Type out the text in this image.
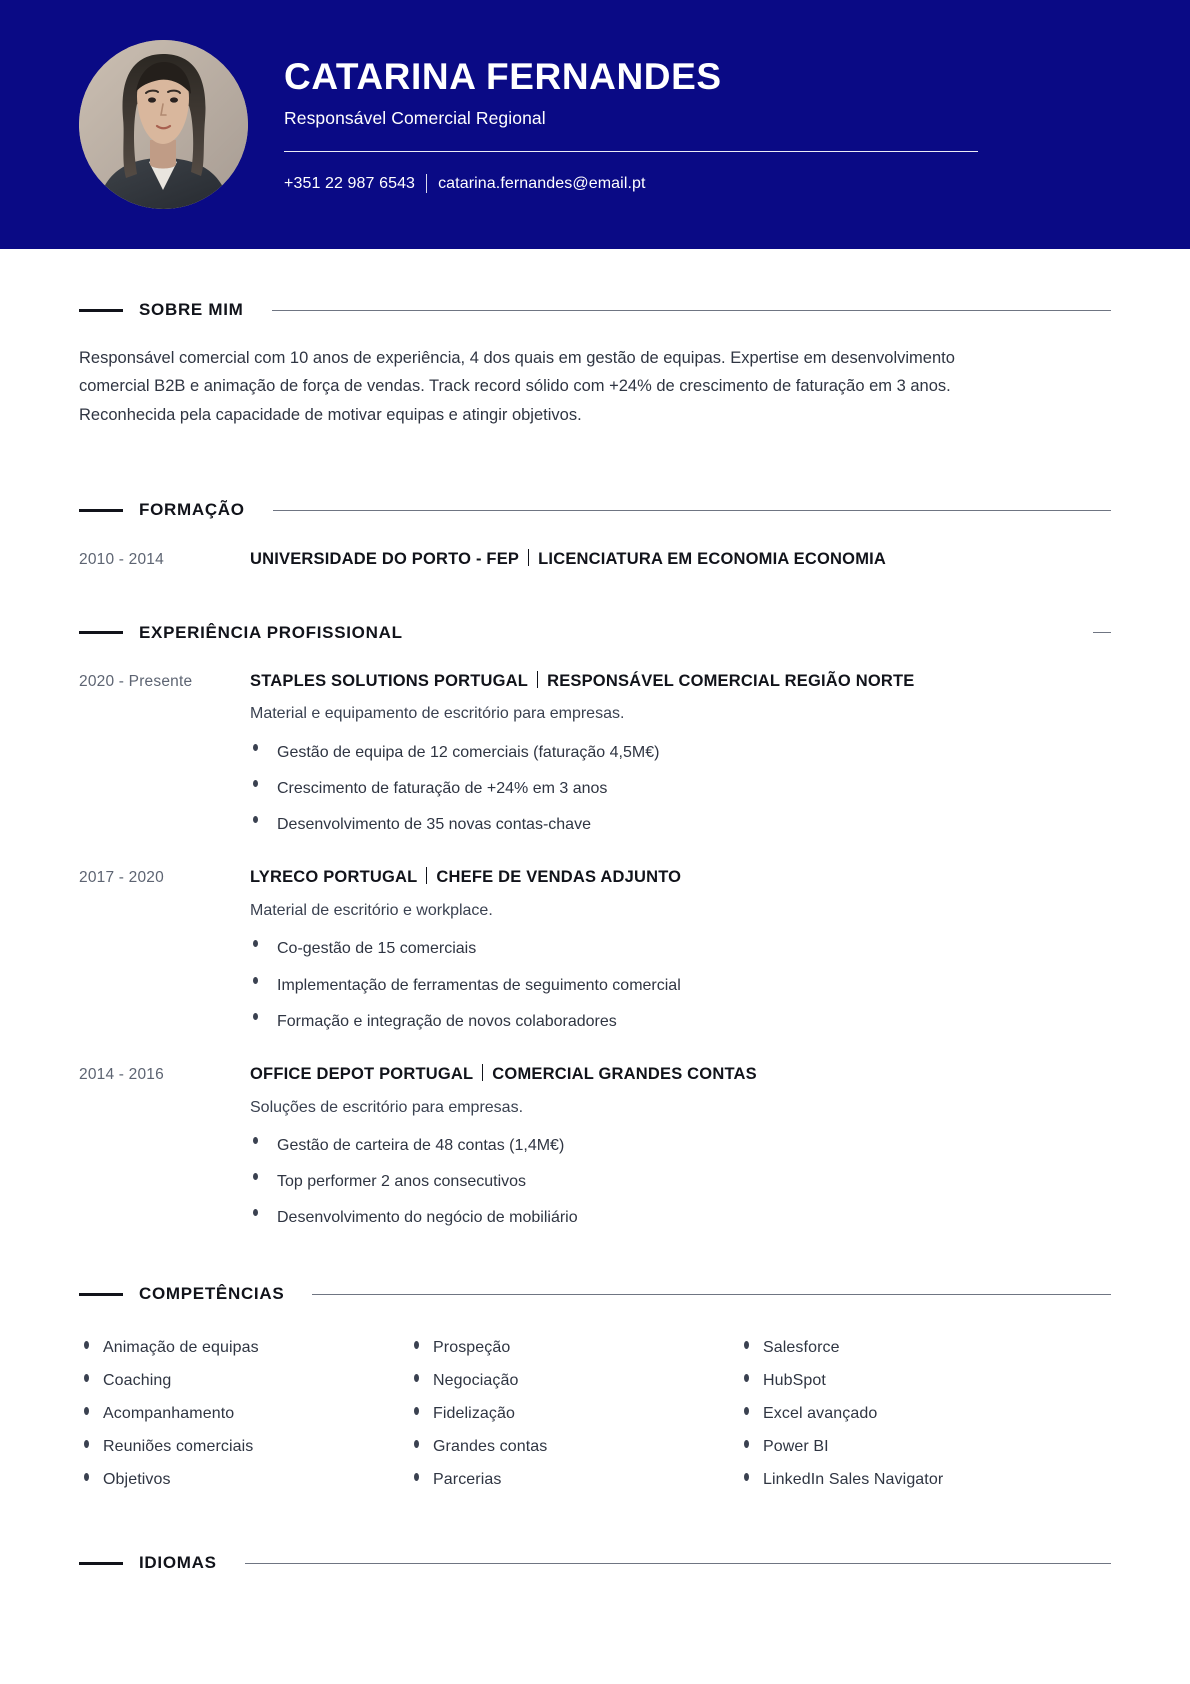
CATARINA FERNANDES
Responsável Comercial Regional
+351 22 987 6543 catarina.fernandes@email.pt
SOBRE MIM

Responsável comercial com 10 anos de experiência, 4 dos quais em gestão de equipas. Expertise em desenvolvimento comercial B2B e animação de força de vendas. Track record sólido com +24% de crescimento de faturação em 3 anos. Reconhecida pela capacidade de motivar equipas e atingir objetivos.

FORMAÇÃO
2010 - 2014	UNIVERSIDADE DO PORTO - FEP LICENCIATURA EM ECONOMIA ECONOMIA
EXPERIÊNCIA PROFISSIONAL
2020 - Presente	STAPLES SOLUTIONS PORTUGAL RESPONSÁVEL COMERCIAL REGIÃO NORTE
Material e equipamento de escritório para empresas.
Gestão de equipa de 12 comerciais (faturação 4,5M€)
Crescimento de faturação de +24% em 3 anos
Desenvolvimento de 35 novas contas-chave
2017 - 2020	LYRECO PORTUGAL CHEFE DE VENDAS ADJUNTO
Material de escritório e workplace.
Co-gestão de 15 comerciais
Implementação de ferramentas de seguimento comercial
Formação e integração de novos colaboradores
2014 - 2016	OFFICE DEPOT PORTUGAL COMERCIAL GRANDES CONTAS
Soluções de escritório para empresas.
Gestão de carteira de 48 contas (1,4M€)
Top performer 2 anos consecutivos
Desenvolvimento do negócio de mobiliário
COMPETÊNCIAS
Animação de equipas	Prospeção	Salesforce
Coaching	Negociação	HubSpot
Acompanhamento	Fidelização	Excel avançado
Reuniões comerciais	Grandes contas	Power BI
Objetivos	Parcerias	LinkedIn Sales Navigator
IDIOMAS
